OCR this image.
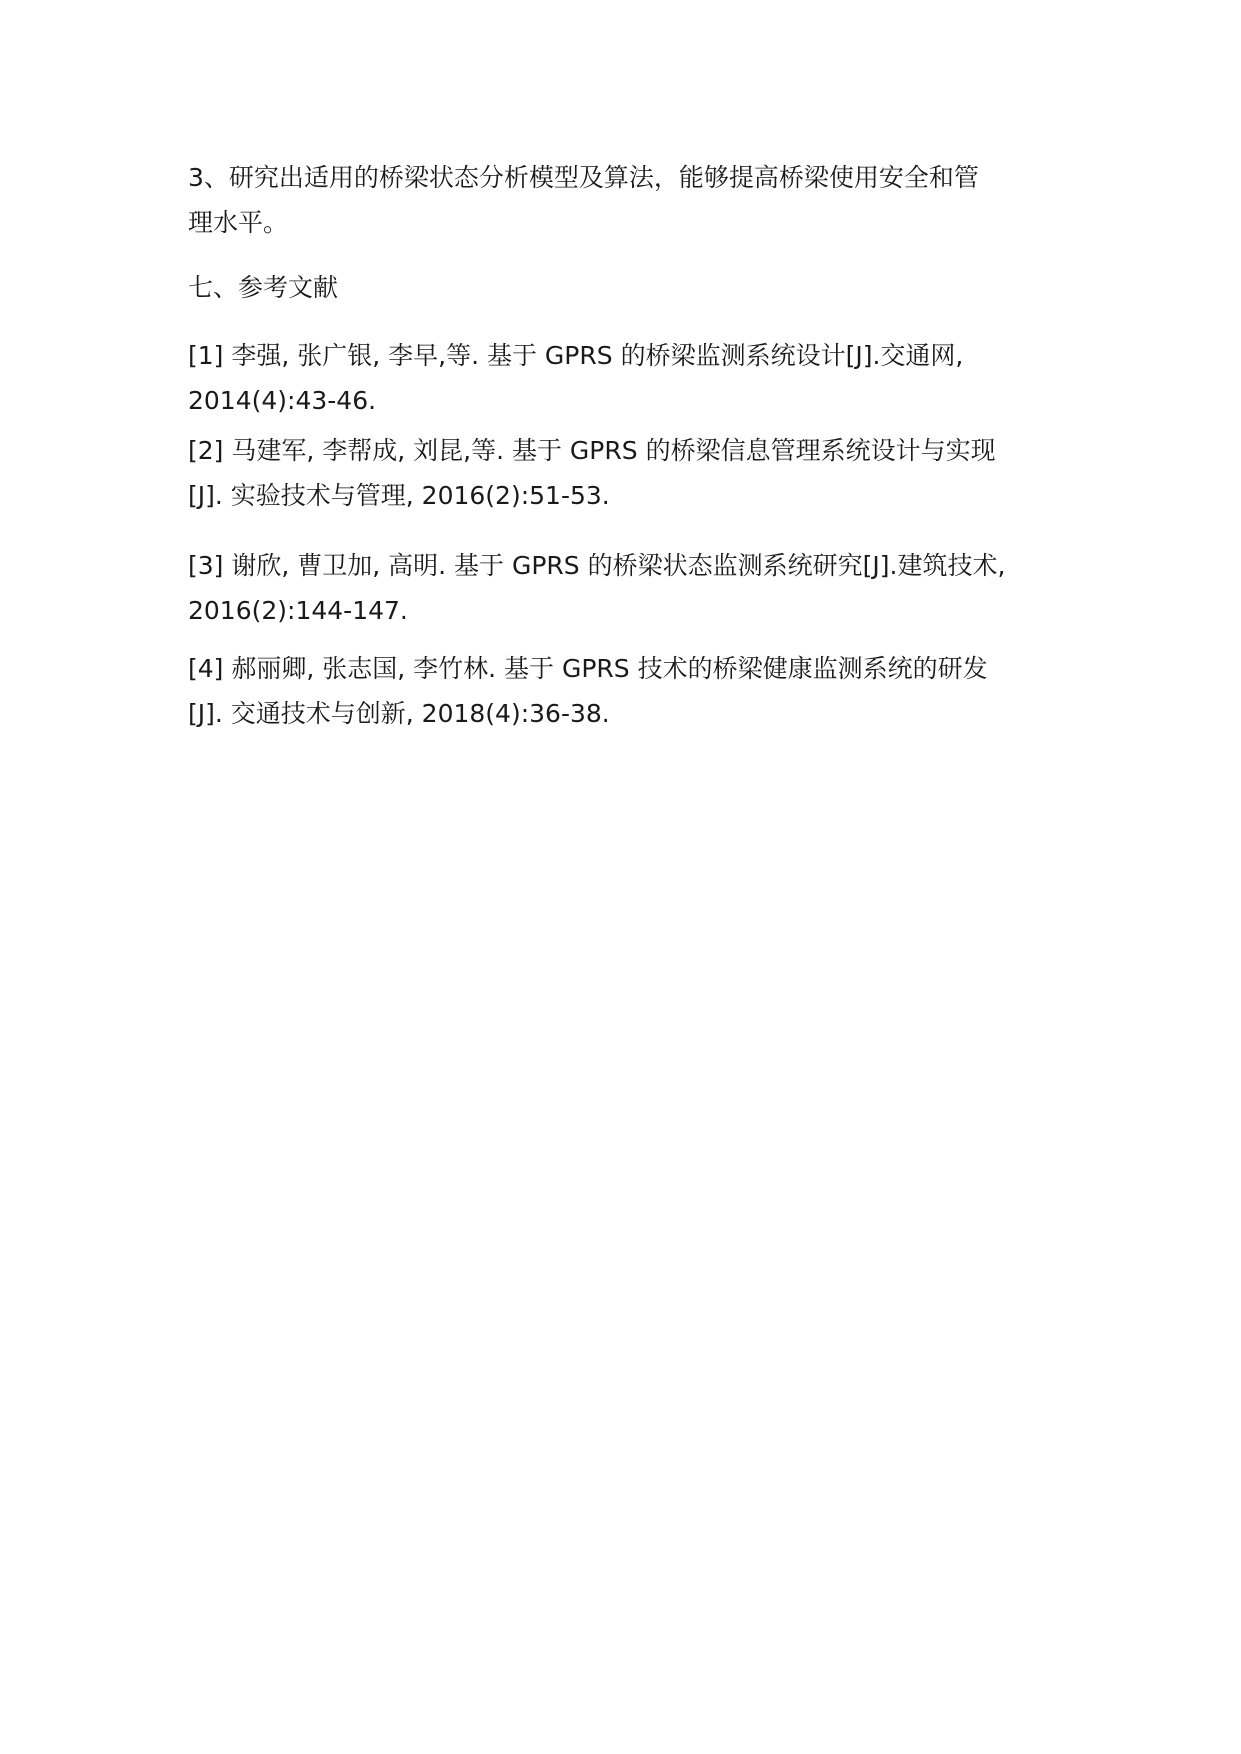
3、研究出适用的桥梁状态分析模型及算法，能够提高桥梁使用安全和管
理水平。
七、参考文献
[1] 李强, 张广银, 李早,等. 基于 GPRS 的桥梁监测系统设计[J].交通网,
2014(4):43-46.
[2] 马建军, 李帮成, 刘昆,等. 基于 GPRS 的桥梁信息管理系统设计与实现
[J]. 实验技术与管理, 2016(2):51-53.
[3] 谢欣, 曹卫加, 高明. 基于 GPRS 的桥梁状态监测系统研究[J].建筑技术,
2016(2):144-147.
[4] 郝丽卿, 张志国, 李竹林. 基于 GPRS 技术的桥梁健康监测系统的研发
[J]. 交通技术与创新, 2018(4):36-38.
